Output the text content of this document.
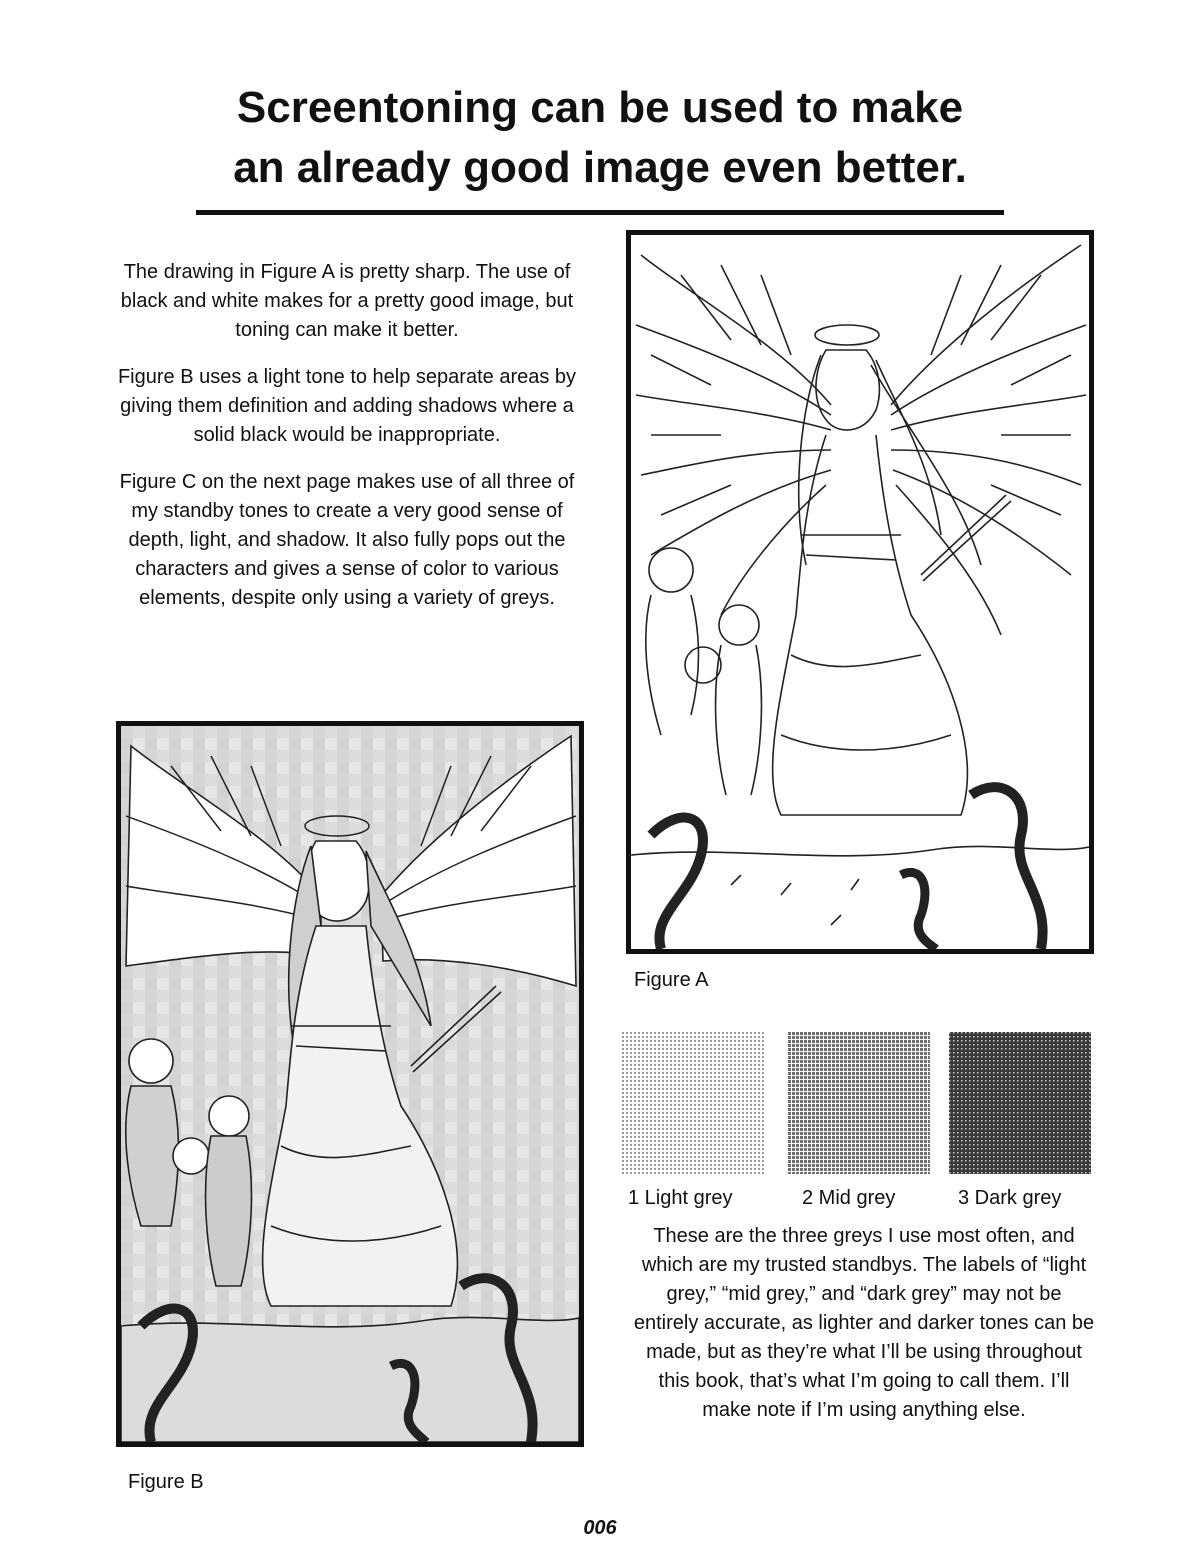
Screentoning can be used to make
an already good image even better.

The drawing in Figure A is pretty sharp. The use of black and white makes for a pretty good image, but toning can make it better.

Figure B uses a light tone to help separate areas by giving them definition and adding shadows where a solid black would be inappropriate.

Figure C on the next page makes use of all three of my standby tones to create a very good sense of depth, light, and shadow. It also fully pops out the characters and gives a sense of color to various elements, despite only using a variety of greys.

Figure A
Figure B
1 Light grey	2 Mid grey	3 Dark grey
These are the three greys I use most often, and which are my trusted standbys. The labels of “light grey,” “mid grey,” and “dark grey” may not be entirely accurate, as lighter and darker tones can be made, but as they’re what I’ll be using throughout this book, that’s what I’m going to call them. I’ll make note if I’m using anything else.
006
